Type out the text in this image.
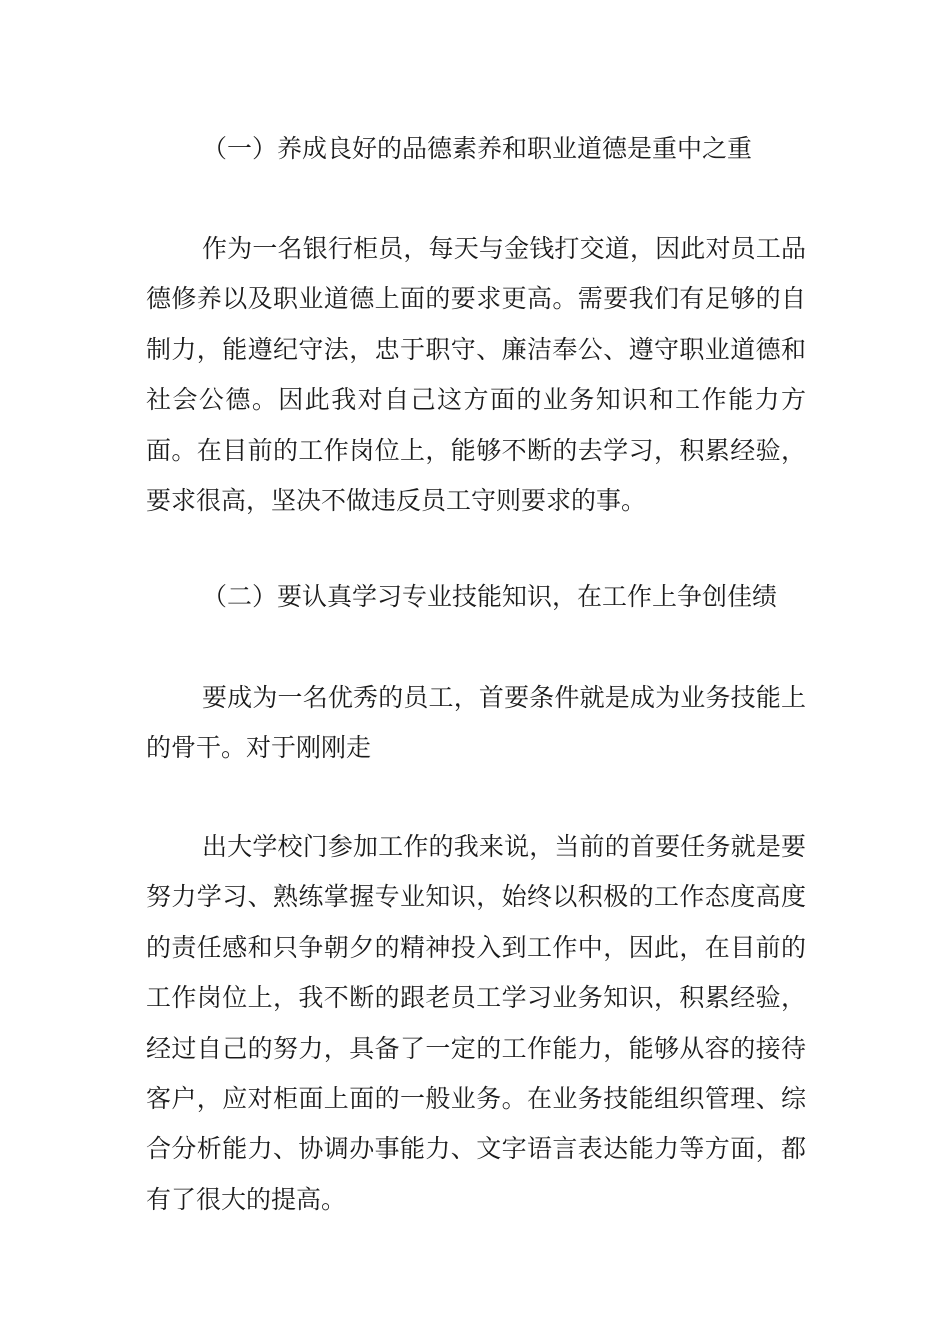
（一）养成良好的品德素养和职业道德是重中之重

作为一名银行柜员，每天与金钱打交道，因此对员工品德修养以及职业道德上面的要求更高。需要我们有足够的自制力，能遵纪守法，忠于职守、廉洁奉公、遵守职业道德和社会公德。因此我对自己这方面的业务知识和工作能力方面。在目前的工作岗位上，能够不断的去学习，积累经验，要求很高，坚决不做违反员工守则要求的事。

（二）要认真学习专业技能知识，在工作上争创佳绩

要成为一名优秀的员工，首要条件就是成为业务技能上的骨干。对于刚刚走

出大学校门参加工作的我来说，当前的首要任务就是要努力学习、熟练掌握专业知识，始终以积极的工作态度高度的责任感和只争朝夕的精神投入到工作中，因此，在目前的工作岗位上，我不断的跟老员工学习业务知识，积累经验，经过自己的努力，具备了一定的工作能力，能够从容的接待客户，应对柜面上面的一般业务。在业务技能组织管理、综合分析能力、协调办事能力、文字语言表达能力等方面，都有了很大的提高。
